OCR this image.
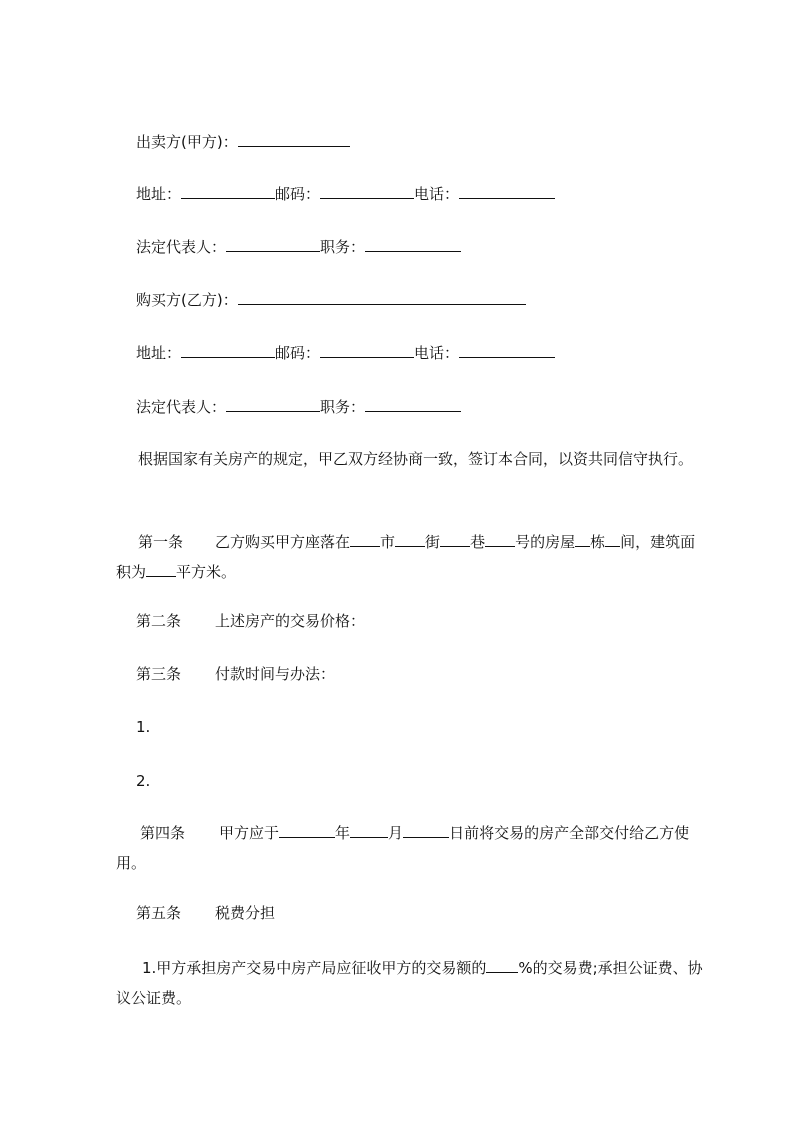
出卖方(甲方)：
地址：	邮码：	电话：
法定代表人：	职务：
购买方(乙方)：
地址：	邮码：	电话：
法定代表人：	职务：
根据国家有关房产的规定，甲乙双方经协商一致，签订本合同，以资共同信守执行。
第一条 乙方购买甲方座落在 市 街 巷 号的房屋 栋 间，建筑面积为 平方米。
第二条 上述房产的交易价格：
第三条 付款时间与办法：
1.
2.
第四条 甲方应于	年	月	日前将交易的房产全部交付给乙方使用。
第五条 税费分担
1.甲方承担房产交易中房产局应征收甲方的交易额的 %的交易费;承担公证费、协议公证费。
